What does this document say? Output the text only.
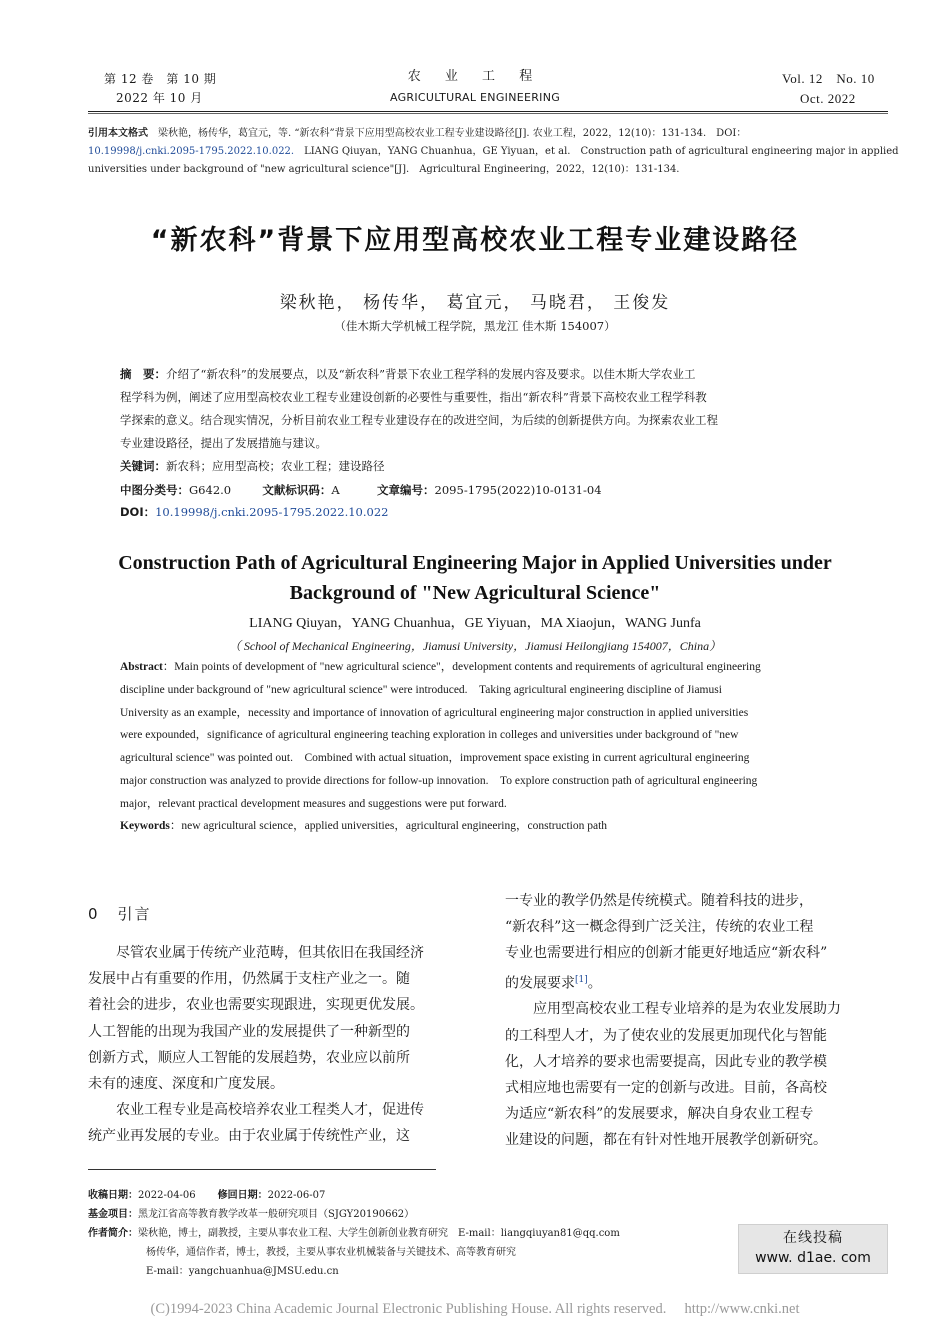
第 12 卷　第 10 期
2022 年 10 月
农 业 工 程
AGRICULTURAL ENGINEERING
Vol. 12　No. 10
Oct. 2022
引用本文格式　 梁秋艳，杨传华，葛宜元，等. “新农科”背景下应用型高校农业工程专业建设路径[J]. 农业工程，2022，12(10)：131-134.　DOI：
10.19998/j.cnki.2095-1795.2022.10.022.　LIANG Qiuyan，YANG Chuanhua，GE Yiyuan，et al.　Construction path of agricultural engineering major in applied
universities under background of "new agricultural science"[J].　Agricultural Engineering，2022，12(10)：131-134.
“新农科”背景下应用型高校农业工程专业建设路径
梁秋艳， 杨传华， 葛宜元， 马晓君， 王俊发
（佳木斯大学机械工程学院，黑龙江 佳木斯 154007）
摘　要：介绍了“新农科”的发展要点，以及“新农科”背景下农业工程学科的发展内容及要求。以佳木斯大学农业工
程学科为例，阐述了应用型高校农业工程专业建设创新的必要性与重要性，指出“新农科”背景下高校农业工程学科教
学探索的意义。结合现实情况，分析目前农业工程专业建设存在的改进空间，为后续的创新提供方向。为探索农业工程
专业建设路径，提出了发展措施与建议。
关键词：新农科；应用型高校；农业工程；建设路径
中图分类号：G642.0	文献标识码：A	文章编号：2095-1795(2022)10-0131-04
DOI：10.19998/j.cnki.2095-1795.2022.10.022
Construction Path of Agricultural Engineering Major in Applied Universities under
Background of "New Agricultural Science"
LIANG Qiuyan，YANG Chuanhua，GE Yiyuan，MA Xiaojun，WANG Junfa
（ School of Mechanical Engineering，Jiamusi University，Jiamusi Heilongjiang 154007，China）
Abstract：Main points of development of "new agricultural science"，development contents and requirements of agricultural engineering
discipline under background of "new agricultural science" were introduced.　Taking agricultural engineering discipline of Jiamusi
University as an example，necessity and importance of innovation of agricultural engineering major construction in applied universities
were expounded，significance of agricultural engineering teaching exploration in colleges and universities under background of "new
agricultural science" was pointed out.　Combined with actual situation，improvement space existing in current agricultural engineering
major construction was analyzed to provide directions for follow-up innovation.　To explore construction path of agricultural engineering
major，relevant practical development measures and suggestions were put forward.
Keywords：new agricultural science，applied universities，agricultural engineering，construction path
0 引言
尽管农业属于传统产业范畴，但其依旧在我国经济
发展中占有重要的作用，仍然属于支柱产业之一。随
着社会的进步，农业也需要实现跟进，实现更优发展。
人工智能的出现为我国产业的发展提供了一种新型的
创新方式，顺应人工智能的发展趋势，农业应以前所
未有的速度、深度和广度发展。
农业工程专业是高校培养农业工程类人才，促进传
统产业再发展的专业。由于农业属于传统性产业，这
一专业的教学仍然是传统模式。随着科技的进步，
“新农科”这一概念得到广泛关注，传统的农业工程
专业也需要进行相应的创新才能更好地适应“新农科”
的发展要求[1]。
应用型高校农业工程专业培养的是为农业发展助力
的工科型人才，为了使农业的发展更加现代化与智能
化，人才培养的要求也需要提高，因此专业的教学模
式相应地也需要有一定的创新与改进。目前，各高校
为适应“新农科”的发展要求，解决自身农业工程专
业建设的问题，都在有针对性地开展教学创新研究。
收稿日期：2022-04-06 修回日期：2022-06-07
基金项目：黑龙江省高等教育教学改革一般研究项目（SJGY20190662）
作者简介：梁秋艳，博士，副教授，主要从事农业工程、大学生创新创业教育研究　E-mail：liangqiuyan81@qq.com
杨传华，通信作者，博士，教授，主要从事农业机械装备与关键技术、高等教育研究
E-mail：yangchuanhua@JMSU.edu.cn
在线投稿
www. d1ae. com
(C)1994-2023 China Academic Journal Electronic Publishing House. All rights reserved.　 http://www.cnki.net
